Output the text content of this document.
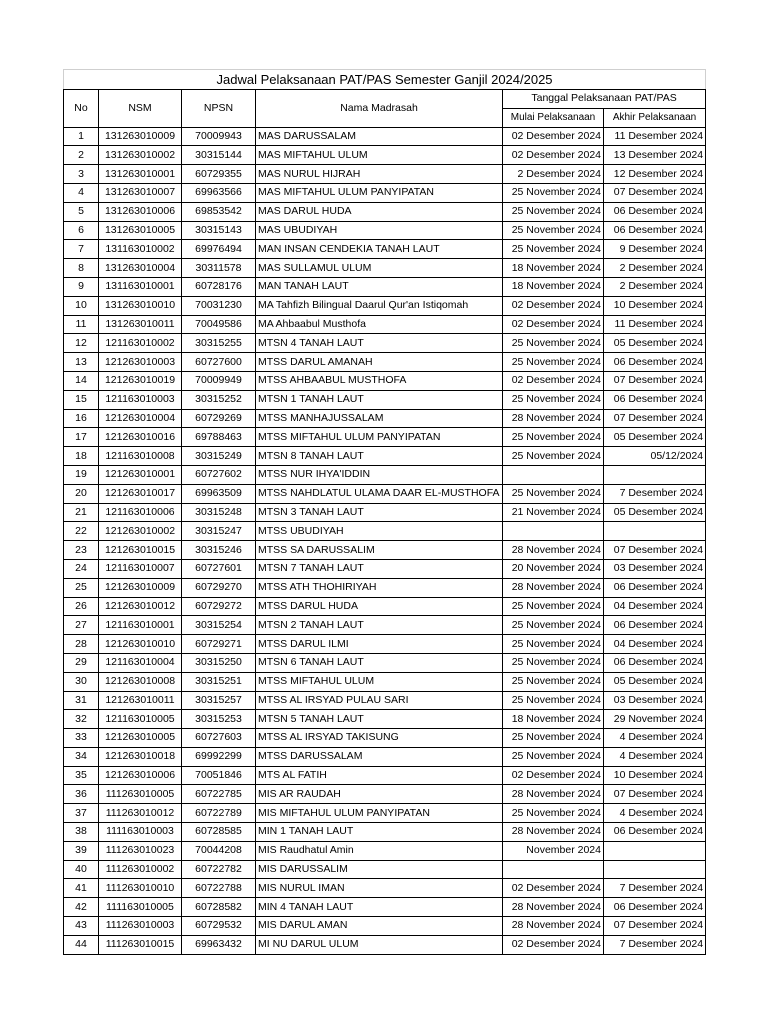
Jadwal Pelaksanaan PAT/PAS Semester Ganjil 2024/2025					
No	NSM	NPSN	Nama Madrasah	Tanggal Pelaksanaan PAT/PAS	
				Mulai Pelaksanaan	Akhir Pelaksanaan
1	131263010009	70009943	MAS DARUSSALAM	02 Desember 2024	11 Desember 2024
2	131263010002	30315144	MAS MIFTAHUL ULUM	02 Desember 2024	13 Desember 2024
3	131263010001	60729355	MAS NURUL HIJRAH	2 Desember 2024	12 Desember 2024
4	131263010007	69963566	MAS MIFTAHUL ULUM PANYIPATAN	25 November 2024	07 Desember 2024
5	131263010006	69853542	MAS DARUL HUDA	25 November 2024	06 Desember 2024
6	131263010005	30315143	MAS UBUDIYAH	25 November 2024	06 Desember 2024
7	131163010002	69976494	MAN INSAN CENDEKIA TANAH LAUT	25 November 2024	9 Desember 2024
8	131263010004	30311578	MAS SULLAMUL ULUM	18 November 2024	2 Desember 2024
9	131163010001	60728176	MAN TANAH LAUT	18 November 2024	2 Desember 2024
10	131263010010	70031230	MA Tahfizh Bilingual Daarul Qur'an Istiqomah	02 Desember 2024	10 Desember 2024
11	131263010011	70049586	MA Ahbaabul Musthofa	02 Desember 2024	11 Desember 2024
12	121163010002	30315255	MTSN 4 TANAH LAUT	25 November 2024	05 Desember 2024
13	121263010003	60727600	MTSS DARUL AMANAH	25 November 2024	06 Desember 2024
14	121263010019	70009949	MTSS AHBAABUL MUSTHOFA	02 Desember 2024	07 Desember 2024
15	121163010003	30315252	MTSN 1 TANAH LAUT	25 November 2024	06 Desember 2024
16	121263010004	60729269	MTSS MANHAJUSSALAM	28 November 2024	07 Desember 2024
17	121263010016	69788463	MTSS MIFTAHUL ULUM PANYIPATAN	25 November 2024	05 Desember 2024
18	121163010008	30315249	MTSN 8 TANAH LAUT	25 November 2024	05/12/2024
19	121263010001	60727602	MTSS NUR IHYA'IDDIN		
20	121263010017	69963509	MTSS NAHDLATUL ULAMA DAAR EL-MUSTHOFA	25 November 2024	7 Desember 2024
21	121163010006	30315248	MTSN 3 TANAH LAUT	21 November 2024	05 Desember 2024
22	121263010002	30315247	MTSS UBUDIYAH		
23	121263010015	30315246	MTSS SA DARUSSALIM	28 November 2024	07 Desember 2024
24	121163010007	60727601	MTSN 7 TANAH LAUT	20 November 2024	03 Desember 2024
25	121263010009	60729270	MTSS ATH THOHIRIYAH	28 November 2024	06 Desember 2024
26	121263010012	60729272	MTSS DARUL HUDA	25 November 2024	04 Desember 2024
27	121163010001	30315254	MTSN 2 TANAH LAUT	25 November 2024	06 Desember 2024
28	121263010010	60729271	MTSS DARUL ILMI	25 November 2024	04 Desember 2024
29	121163010004	30315250	MTSN 6 TANAH LAUT	25 November 2024	06 Desember 2024
30	121263010008	30315251	MTSS MIFTAHUL ULUM	25 November 2024	05 Desember 2024
31	121263010011	30315257	MTSS AL IRSYAD PULAU SARI	25 November 2024	03 Desember 2024
32	121163010005	30315253	MTSN 5 TANAH LAUT	18 November 2024	29 November 2024
33	121263010005	60727603	MTSS AL IRSYAD TAKISUNG	25 November 2024	4 Desember 2024
34	121263010018	69992299	MTSS DARUSSALAM	25 November 2024	4 Desember 2024
35	121263010006	70051846	MTS AL FATIH	02 Desember 2024	10 Desember 2024
36	111263010005	60722785	MIS AR RAUDAH	28 November 2024	07 Desember 2024
37	111263010012	60722789	MIS MIFTAHUL ULUM PANYIPATAN	25 November 2024	4 Desember 2024
38	111163010003	60728585	MIN 1 TANAH LAUT	28 November 2024	06 Desember 2024
39	111263010023	70044208	MIS Raudhatul Amin	November 2024	
40	111263010002	60722782	MIS DARUSSALIM		
41	111263010010	60722788	MIS NURUL IMAN	02 Desember 2024	7 Desember 2024
42	111163010005	60728582	MIN 4 TANAH LAUT	28 November 2024	06 Desember 2024
43	111263010003	60729532	MIS DARUL AMAN	28 November 2024	07 Desember 2024
44	111263010015	69963432	MI NU DARUL ULUM	02 Desember 2024	7 Desember 2024
